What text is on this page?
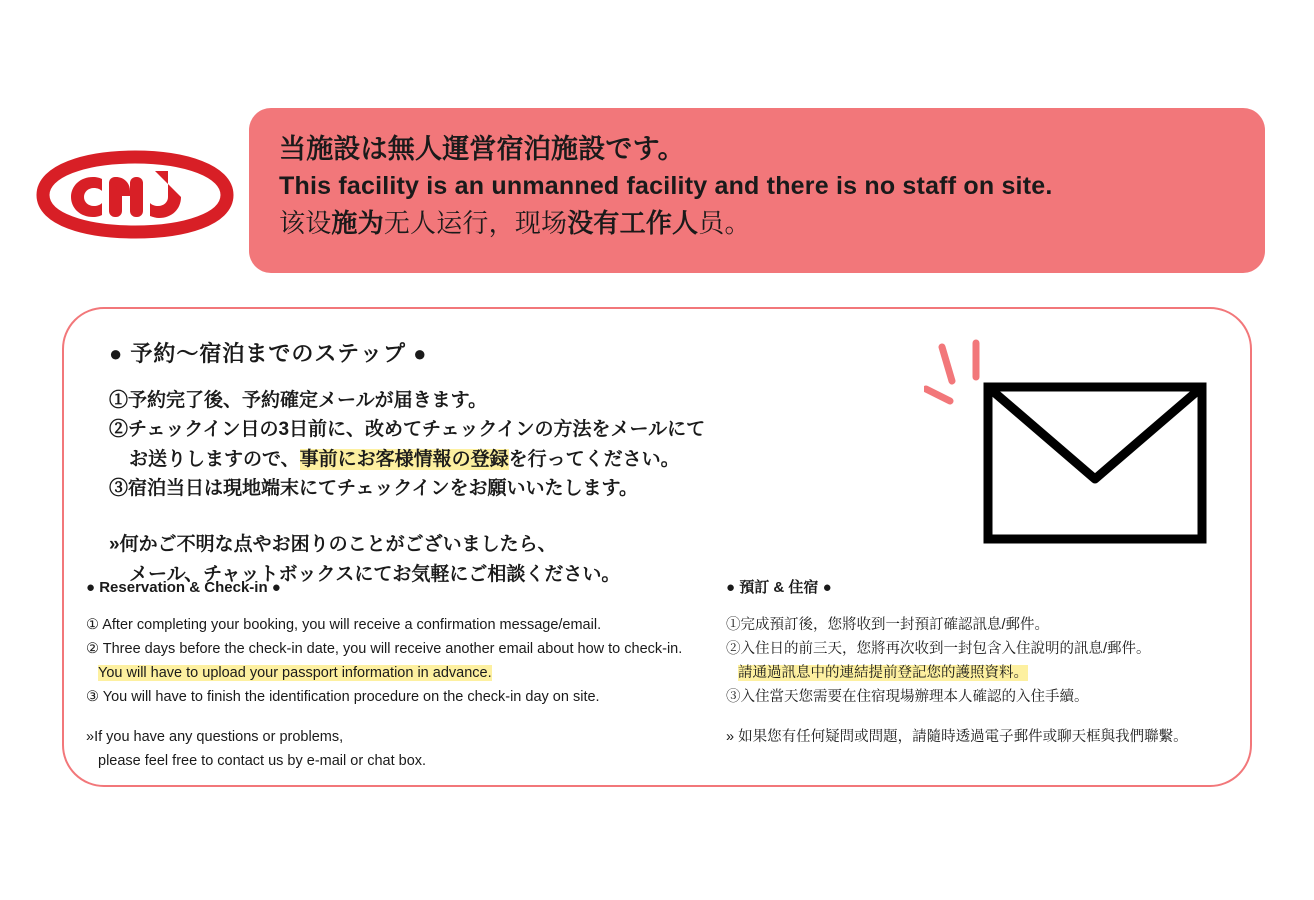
当施設は無人運営宿泊施設です。
This facility is an unmanned facility and there is no staff on site.
该设施为无人运行，现场没有工作人员。
● 予約〜宿泊までのステップ ●
①予約完了後、予約確定メールが届きます。
②チェックイン日の3日前に、改めてチェックインの方法をメールにて
お送りしますので、事前にお客様情報の登録を行ってください。
③宿泊当日は現地端末にてチェックインをお願いいたします。
»何かご不明な点やお困りのことがございましたら、
メール、チャットボックスにてお気軽にご相談ください。
● Reservation & Check-in ●
① After completing your booking, you will receive a confirmation message/email.
② Three days before the check-in date, you will receive another email about how to check-in.
You will have to upload your passport information in advance.
③ You will have to finish the identification procedure on the check-in day on site.
»If you have any questions or problems,
please feel free to contact us by e-mail or chat box.
● 預訂 & 住宿 ●
①完成預訂後，您將收到一封預訂確認訊息/郵件。
②入住日的前三天，您將再次收到一封包含入住說明的訊息/郵件。
請通過訊息中的連結提前登記您的護照資料。
③入住當天您需要在住宿現場辦理本人確認的入住手續。
» 如果您有任何疑問或問題，請隨時透過電子郵件或聊天框與我們聯繫。
